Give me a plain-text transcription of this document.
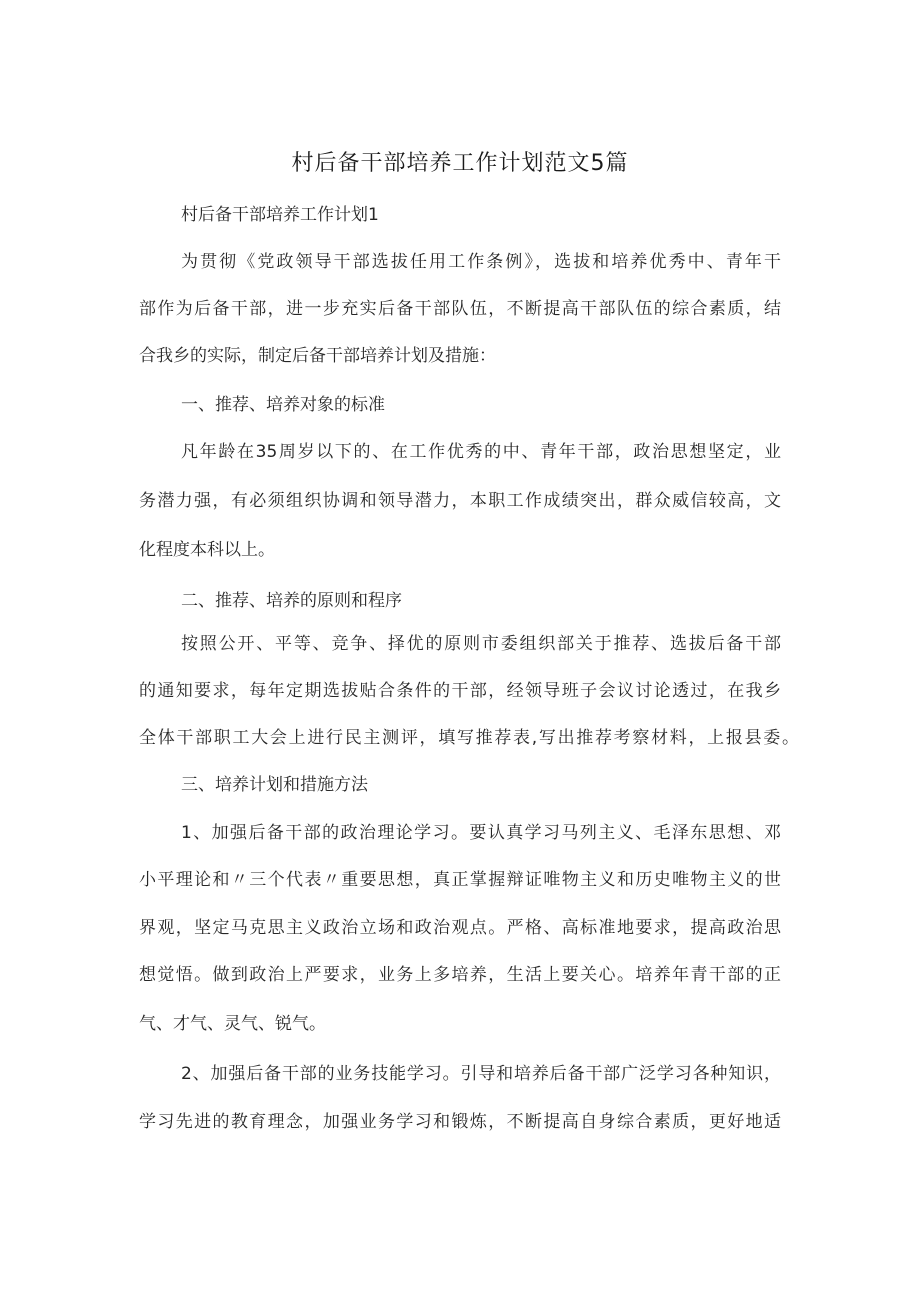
村后备干部培养工作计划范文5篇
村后备干部培养工作计划1
为贯彻《党政领导干部选拔任用工作条例》，选拔和培养优秀中、青年干
部作为后备干部，进一步充实后备干部队伍，不断提高干部队伍的综合素质，结
合我乡的实际，制定后备干部培养计划及措施：
一、推荐、培养对象的标准
凡年龄在35周岁以下的、在工作优秀的中、青年干部，政治思想坚定，业
务潜力强，有必须组织协调和领导潜力，本职工作成绩突出，群众威信较高，文
化程度本科以上。
二、推荐、培养的原则和程序
按照公开、平等、竞争、择优的原则市委组织部关于推荐、选拔后备干部
的通知要求，每年定期选拔贴合条件的干部，经领导班子会议讨论透过，在我乡
全体干部职工大会上进行民主测评，填写推荐表,写出推荐考察材料，上报县委。
三、培养计划和措施方法
1、加强后备干部的政治理论学习。要认真学习马列主义、毛泽东思想、邓
小平理论和〃三个代表〃重要思想，真正掌握辩证唯物主义和历史唯物主义的世
界观，坚定马克思主义政治立场和政治观点。严格、高标准地要求，提高政治思
想觉悟。做到政治上严要求，业务上多培养，生活上要关心。培养年青干部的正
气、才气、灵气、锐气。
2、加强后备干部的业务技能学习。引导和培养后备干部广泛学习各种知识，
学习先进的教育理念，加强业务学习和锻炼，不断提高自身综合素质，更好地适
